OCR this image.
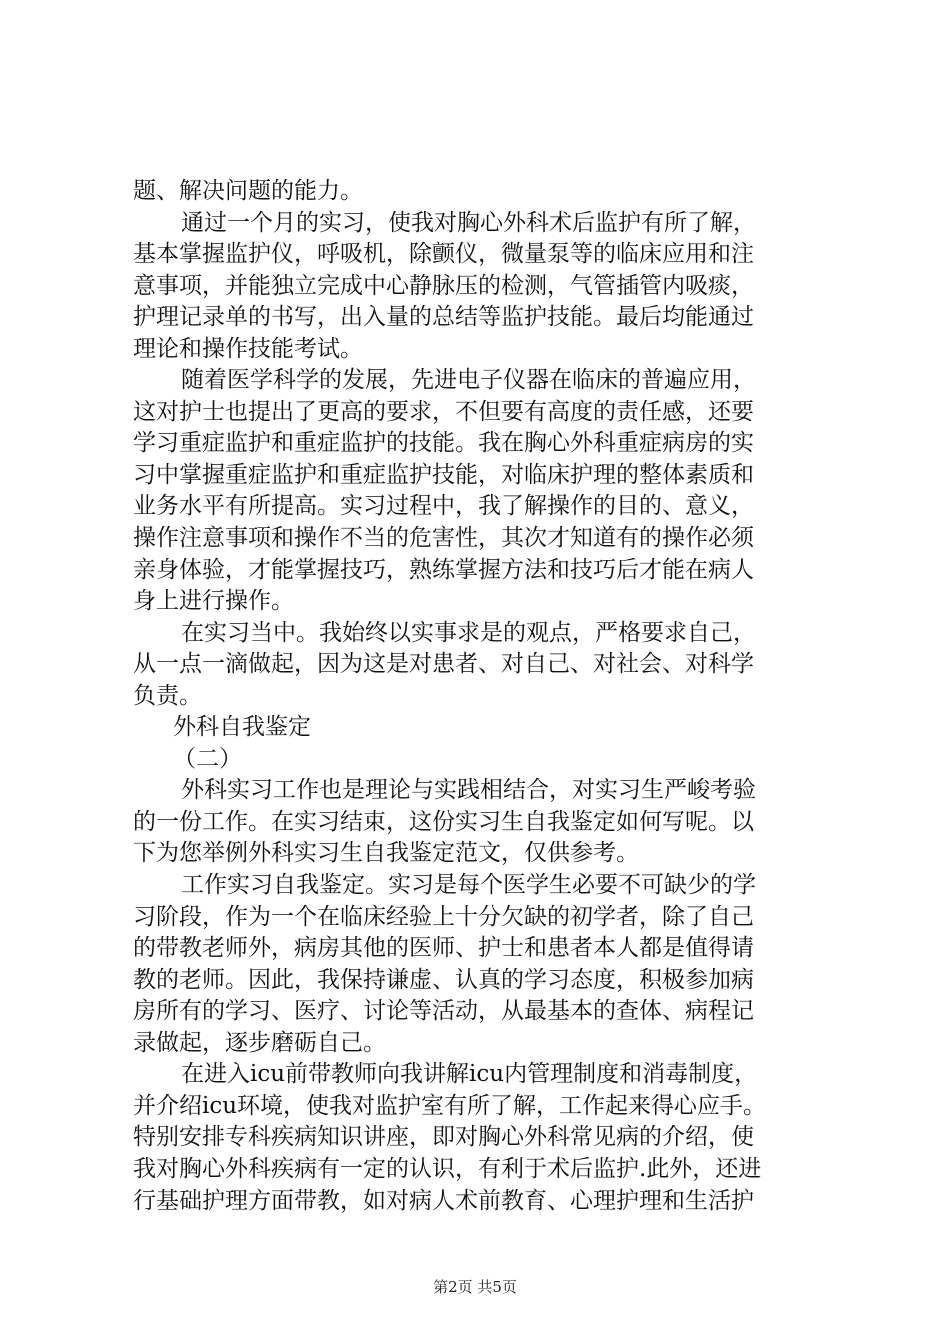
题、解决问题的能力。
通过一个月的实习，使我对胸心外科术后监护有所了解，
基本掌握监护仪，呼吸机，除颤仪，微量泵等的临床应用和注
意事项，并能独立完成中心静脉压的检测，气管插管内吸痰，
护理记录单的书写，出入量的总结等监护技能。最后均能通过
理论和操作技能考试。
随着医学科学的发展，先进电子仪器在临床的普遍应用，
这对护士也提出了更高的要求，不但要有高度的责任感，还要
学习重症监护和重症监护的技能。我在胸心外科重症病房的实
习中掌握重症监护和重症监护技能，对临床护理的整体素质和
业务水平有所提高。实习过程中，我了解操作的目的、意义，
操作注意事项和操作不当的危害性，其次才知道有的操作必须
亲身体验，才能掌握技巧，熟练掌握方法和技巧后才能在病人
身上进行操作。
在实习当中。我始终以实事求是的观点，严格要求自己，
从一点一滴做起，因为这是对患者、对自己、对社会、对科学
负责。
外科自我鉴定
（二）
外科实习工作也是理论与实践相结合，对实习生严峻考验
的一份工作。在实习结束，这份实习生自我鉴定如何写呢。以
下为您举例外科实习生自我鉴定范文，仅供参考。
工作实习自我鉴定。实习是每个医学生必要不可缺少的学
习阶段，作为一个在临床经验上十分欠缺的初学者，除了自己
的带教老师外，病房其他的医师、护士和患者本人都是值得请
教的老师。因此，我保持谦虚、认真的学习态度，积极参加病
房所有的学习、医疗、讨论等活动，从最基本的查体、病程记
录做起，逐步磨砺自己。
在进入icu前带教师向我讲解icu内管理制度和消毒制度，
并介绍icu环境，使我对监护室有所了解，工作起来得心应手。
特别安排专科疾病知识讲座，即对胸心外科常见病的介绍，使
我对胸心外科疾病有一定的认识，有利于术后监护.此外，还进
行基础护理方面带教，如对病人术前教育、心理护理和生活护
第2页 共5页
